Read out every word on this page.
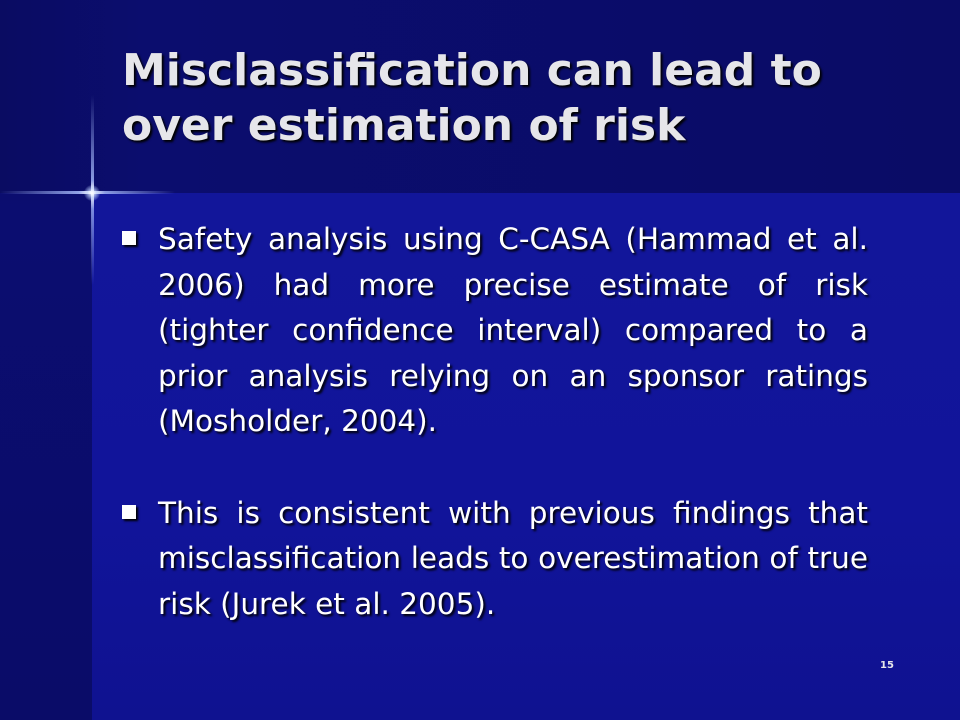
Misclassification can lead to over estimation of risk
Safety analysis using C-CASA (Hammad et al. 2006) had more precise estimate of risk (tighter confidence interval) compared to a prior analysis relying on an sponsor ratings (Mosholder, 2004).
This is consistent with previous findings that misclassification leads to overestimation of true risk (Jurek et al. 2005).
15
